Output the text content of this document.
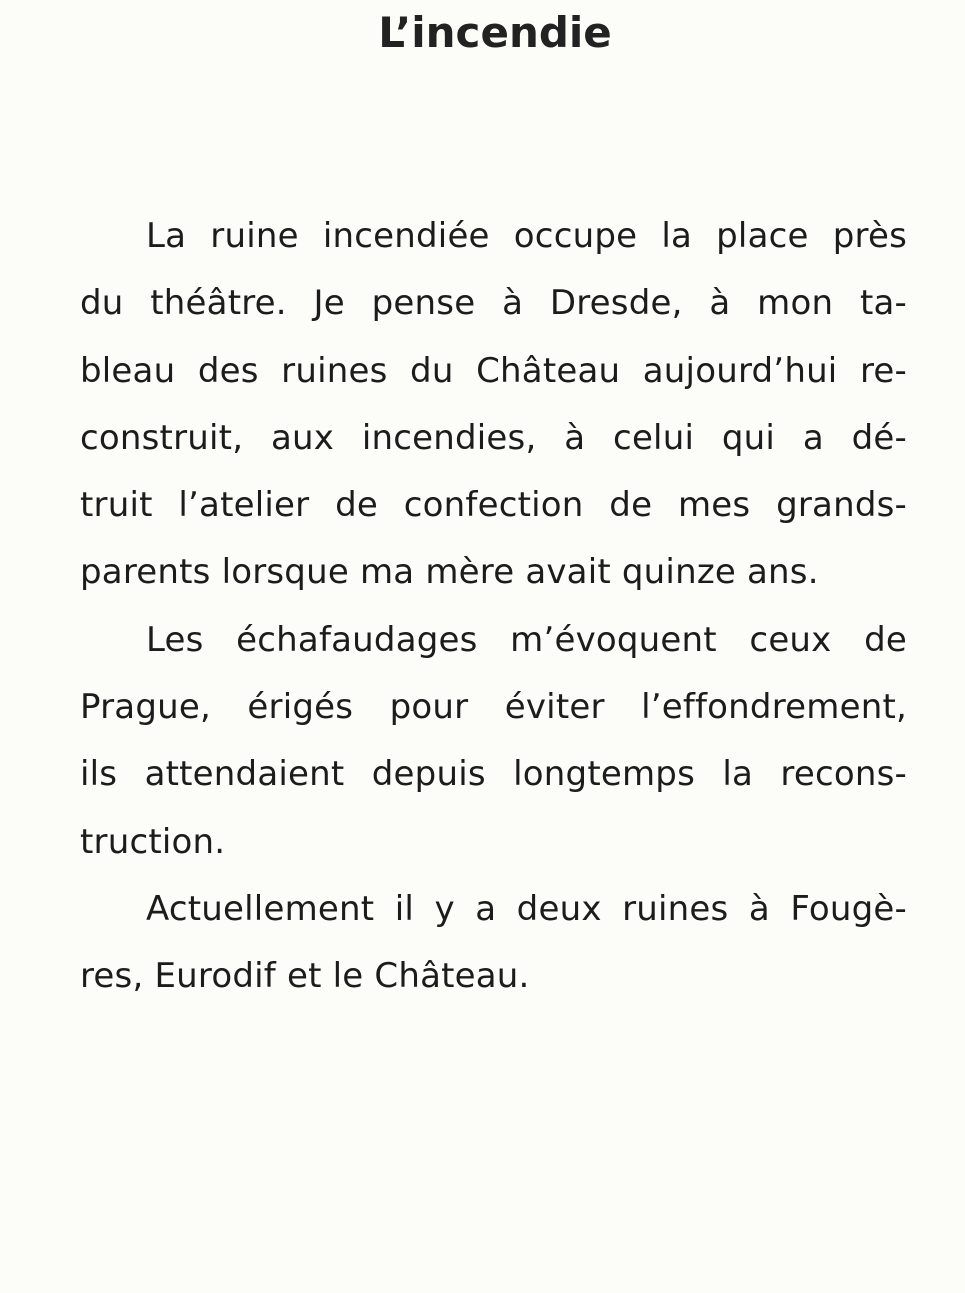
L’incendie
La ruine incendiée occupe la place près
du théâtre. Je pense à Dresde, à mon ta-
bleau des ruines du Château aujourd’hui re-
construit, aux incendies, à celui qui a dé-
truit l’atelier de confection de mes grands-
parents lorsque ma mère avait quinze ans.
Les échafaudages m’évoquent ceux de
Prague, érigés pour éviter l’effondrement,
ils attendaient depuis longtemps la recons-
truction.
Actuellement il y a deux ruines à Fougè-
res, Eurodif et le Château.
